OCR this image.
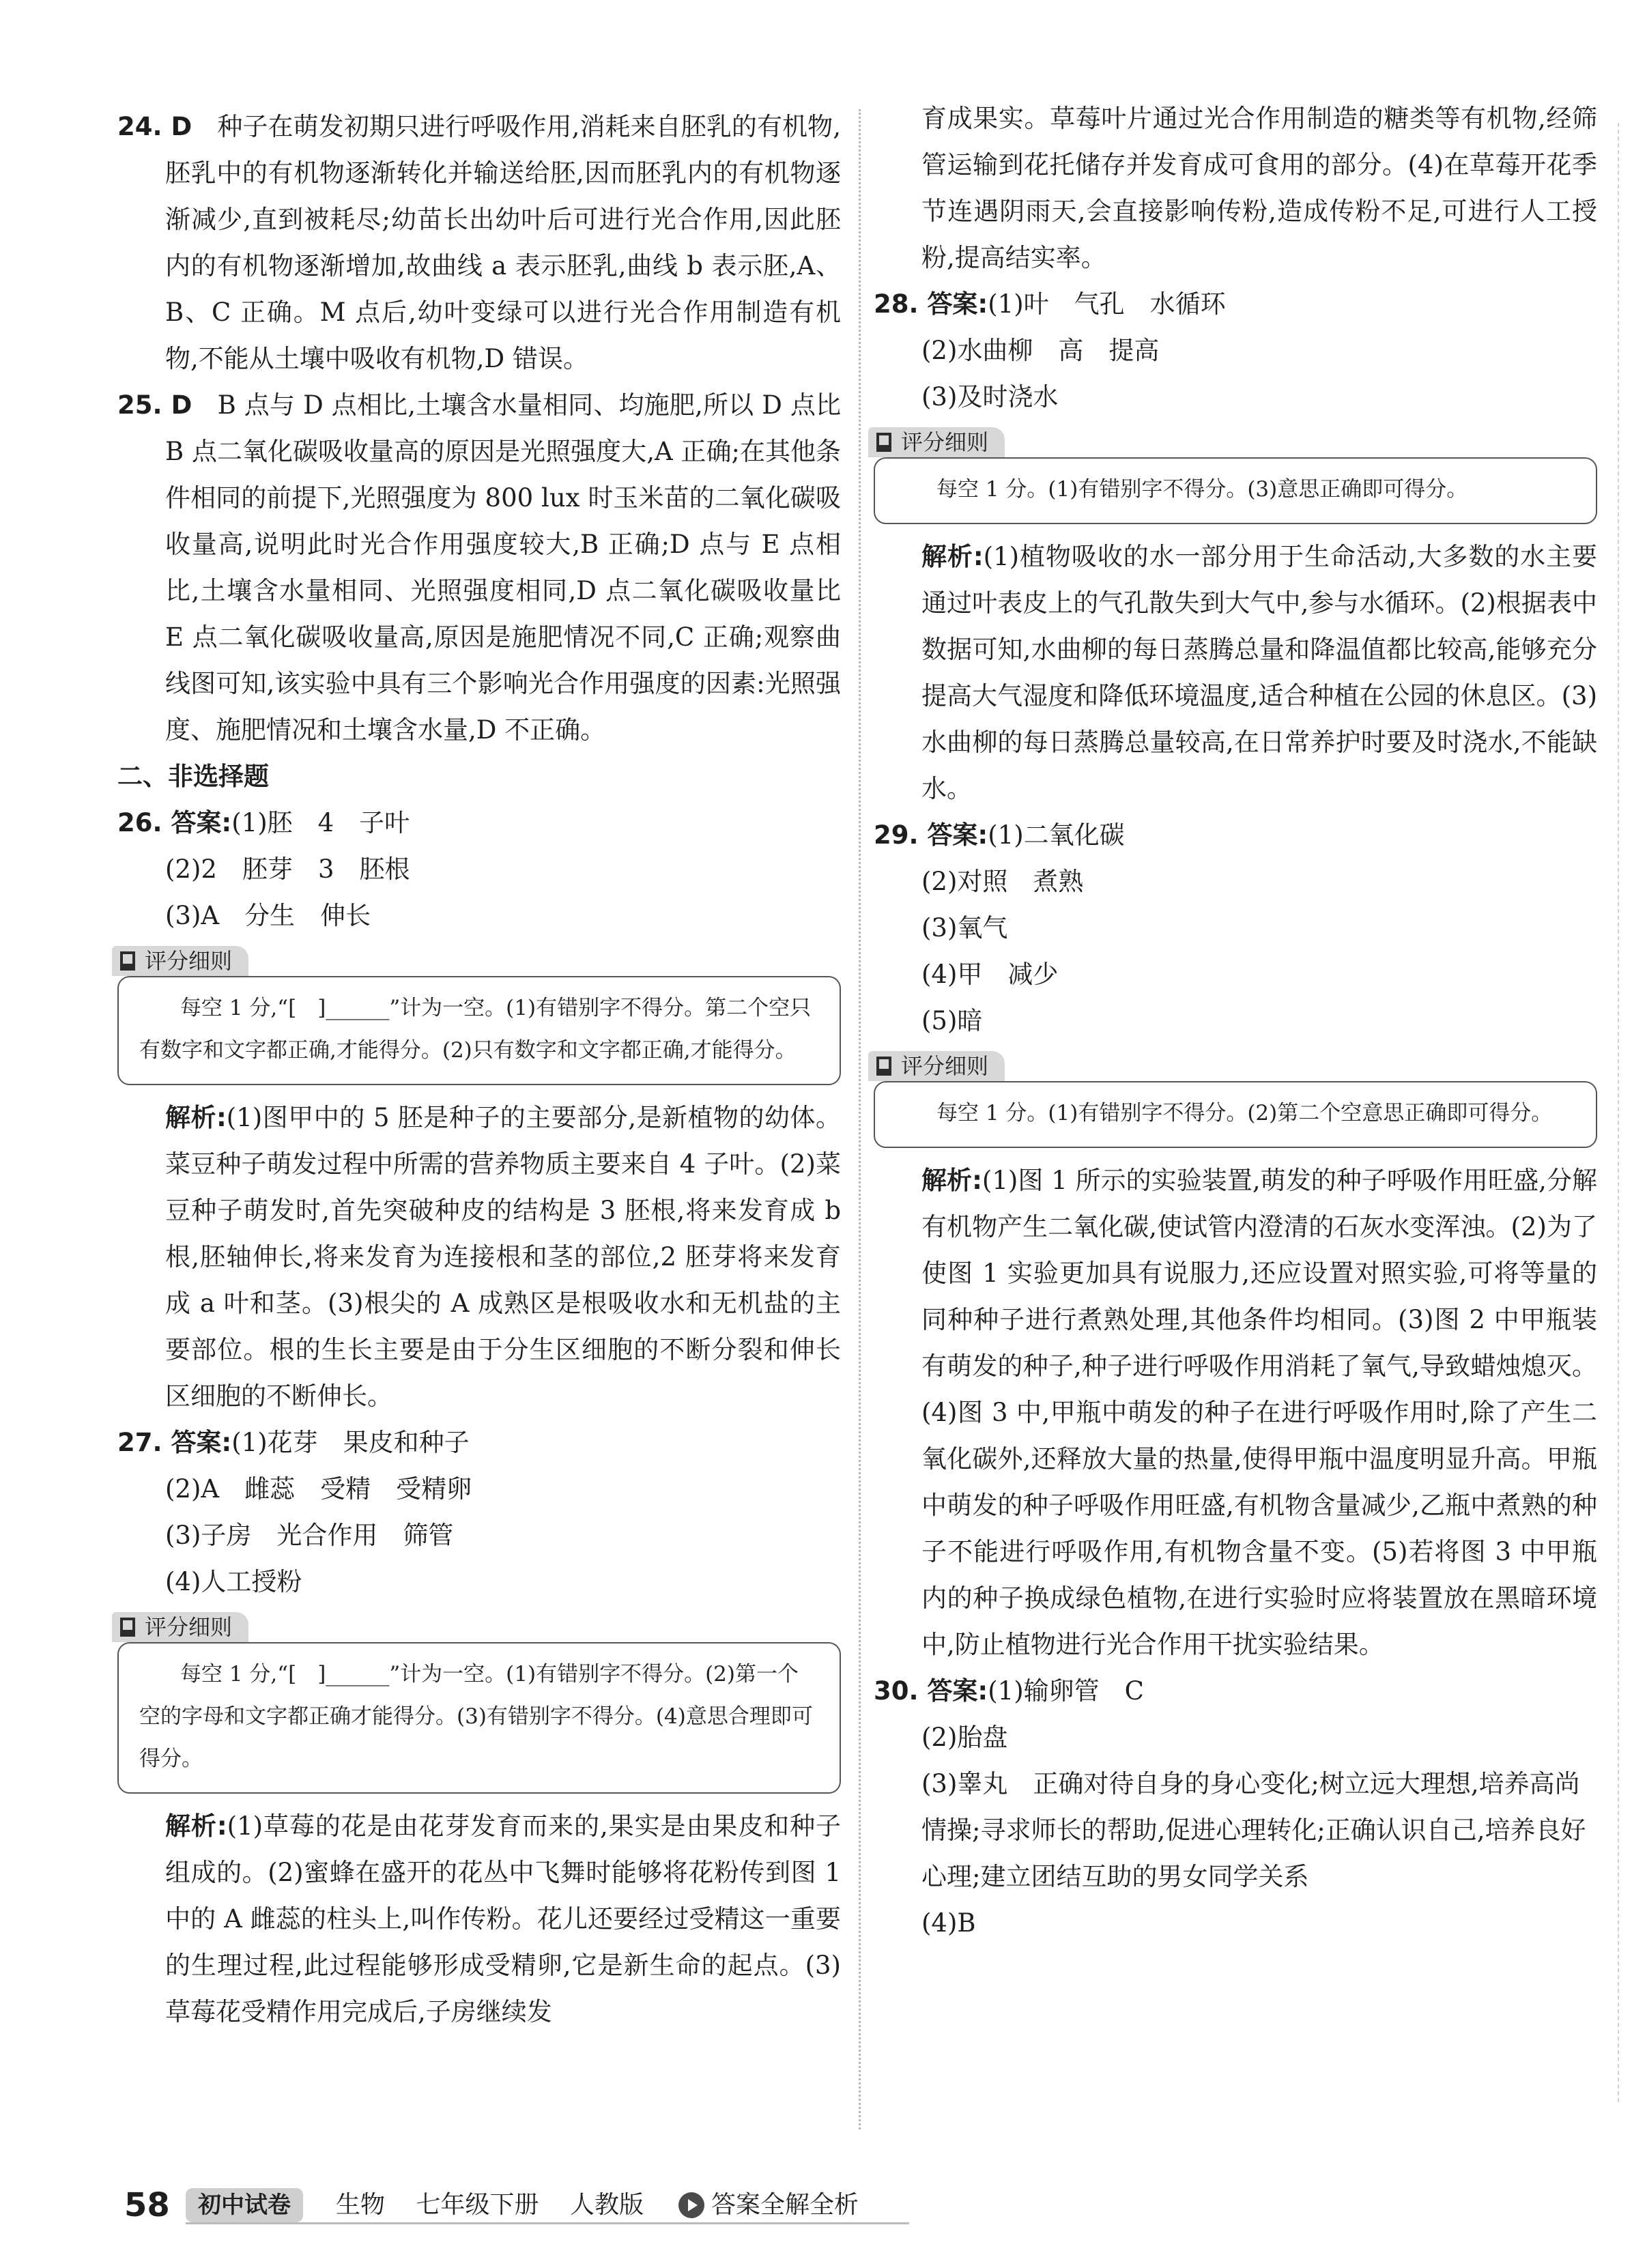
24. D　 种子在萌发初期只进行呼吸作用,消耗来自胚乳的有机物,胚乳中的有机物逐渐转化并输送给胚,因而胚乳内的有机物逐渐减少,直到被耗尽;幼苗长出幼叶后可进行光合作用,因此胚内的有机物逐渐增加,故曲线 a 表示胚乳,曲线 b 表示胚,A、B、C 正确。M 点后,幼叶变绿可以进行光合作用制造有机物,不能从土壤中吸收有机物,D 错误。

25. D　 B 点与 D 点相比,土壤含水量相同、均施肥,所以 D 点比 B 点二氧化碳吸收量高的原因是光照强度大,A 正确;在其他条件相同的前提下,光照强度为 800 lux 时玉米苗的二氧化碳吸收量高,说明此时光合作用强度较大,B 正确;D 点与 E 点相比,土壤含水量相同、光照强度相同,D 点二氧化碳吸收量比 E 点二氧化碳吸收量高,原因是施肥情况不同,C 正确;观察曲线图可知,该实验中具有三个影响光合作用强度的因素:光照强度、施肥情况和土壤含水量,D 不正确。

二、非选择题
26. 答案:(1)胚　4　子叶
(2)2　胚芽　3　胚根
(3)A　分生　伸长
评分细则

每空 1 分,“[　]______”计为一空。(1)有错别字不得分。第二个空只有数字和文字都正确,才能得分。(2)只有数字和文字都正确,才能得分。

解析:(1)图甲中的 5 胚是种子的主要部分,是新植物的幼体。菜豆种子萌发过程中所需的营养物质主要来自 4 子叶。(2)菜豆种子萌发时,首先突破种皮的结构是 3 胚根,将来发育成 b 根,胚轴伸长,将来发育为连接根和茎的部位,2 胚芽将来发育成 a 叶和茎。(3)根尖的 A 成熟区是根吸收水和无机盐的主要部位。根的生长主要是由于分生区细胞的不断分裂和伸长区细胞的不断伸长。

27. 答案:(1)花芽　果皮和种子
(2)A　雌蕊　受精　受精卵
(3)子房　光合作用　筛管
(4)人工授粉
评分细则

每空 1 分,“[　]______”计为一空。(1)有错别字不得分。(2)第一个空的字母和文字都正确才能得分。(3)有错别字不得分。(4)意思合理即可得分。

解析:(1)草莓的花是由花芽发育而来的,果实是由果皮和种子组成的。(2)蜜蜂在盛开的花丛中飞舞时能够将花粉传到图 1 中的 A 雌蕊的柱头上,叫作传粉。花儿还要经过受精这一重要的生理过程,此过程能够形成受精卵,它是新生命的起点。(3)草莓花受精作用完成后,子房继续发

育成果实。草莓叶片通过光合作用制造的糖类等有机物,经筛管运输到花托储存并发育成可食用的部分。(4)在草莓开花季节连遇阴雨天,会直接影响传粉,造成传粉不足,可进行人工授粉,提高结实率。

28. 答案:(1)叶　气孔　水循环
(2)水曲柳　高　提高
(3)及时浇水
评分细则

每空 1 分。(1)有错别字不得分。(3)意思正确即可得分。

解析:(1)植物吸收的水一部分用于生命活动,大多数的水主要通过叶表皮上的气孔散失到大气中,参与水循环。(2)根据表中数据可知,水曲柳的每日蒸腾总量和降温值都比较高,能够充分提高大气湿度和降低环境温度,适合种植在公园的休息区。(3)水曲柳的每日蒸腾总量较高,在日常养护时要及时浇水,不能缺水。

29. 答案:(1)二氧化碳
(2)对照　煮熟
(3)氧气
(4)甲　减少
(5)暗
评分细则

每空 1 分。(1)有错别字不得分。(2)第二个空意思正确即可得分。

解析:(1)图 1 所示的实验装置,萌发的种子呼吸作用旺盛,分解有机物产生二氧化碳,使试管内澄清的石灰水变浑浊。(2)为了使图 1 实验更加具有说服力,还应设置对照实验,可将等量的同种种子进行煮熟处理,其他条件均相同。(3)图 2 中甲瓶装有萌发的种子,种子进行呼吸作用消耗了氧气,导致蜡烛熄灭。(4)图 3 中,甲瓶中萌发的种子在进行呼吸作用时,除了产生二氧化碳外,还释放大量的热量,使得甲瓶中温度明显升高。甲瓶中萌发的种子呼吸作用旺盛,有机物含量减少,乙瓶中煮熟的种子不能进行呼吸作用,有机物含量不变。(5)若将图 3 中甲瓶内的种子换成绿色植物,在进行实验时应将装置放在黑暗环境中,防止植物进行光合作用干扰实验结果。

30. 答案:(1)输卵管　C
(2)胎盘
(3)睾丸　正确对待自身的身心变化;树立远大理想,培养高尚情操;寻求师长的帮助,促进心理转化;正确认识自己,培养良好心理;建立团结互助的男女同学关系
(4)B
58	初中试卷	生物 七年级下册 人教版	答案全解全析
